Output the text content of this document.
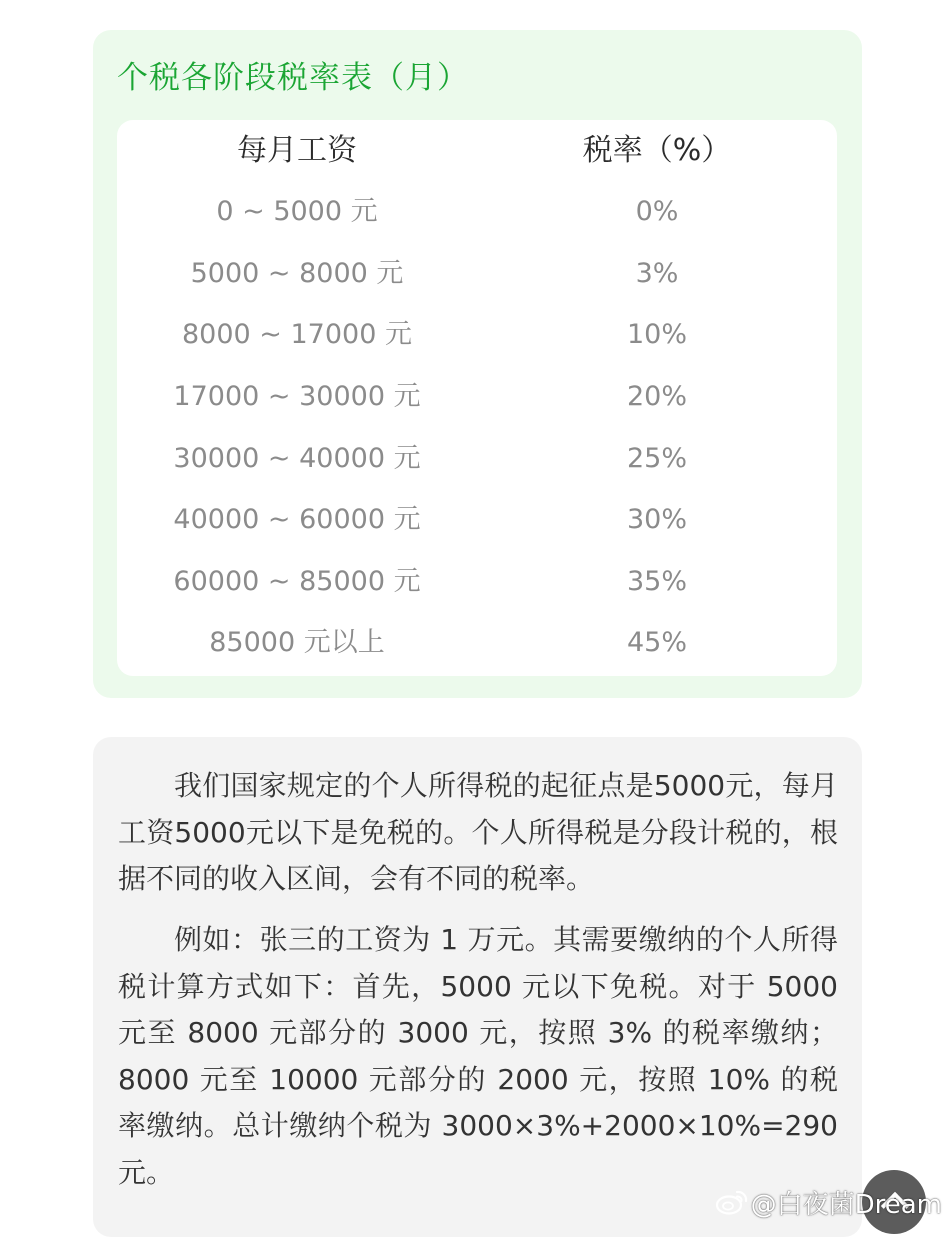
个税各阶段税率表（月）
每月工资	税率（%）
0 ~ 5000 元	0%
5000 ~ 8000 元	3%
8000 ~ 17000 元	10%
17000 ~ 30000 元	20%
30000 ~ 40000 元	25%
40000 ~ 60000 元	30%
60000 ~ 85000 元	35%
85000 元以上	45%

我们国家规定的个人所得税的起征点是5000元，每月工资5000元以下是免税的。个人所得税是分段计税的，根据不同的收入区间，会有不同的税率。

例如：张三的工资为 1 万元。其需要缴纳的个人所得税计算方式如下：首先，5000 元以下免税。对于 5000 元至 8000 元部分的 3000 元，按照 3% 的税率缴纳；8000 元至 10000 元部分的 2000 元，按照 10% 的税率缴纳。总计缴纳个税为 3000×3%+2000×10%=290 元。

@白夜菌Dream
